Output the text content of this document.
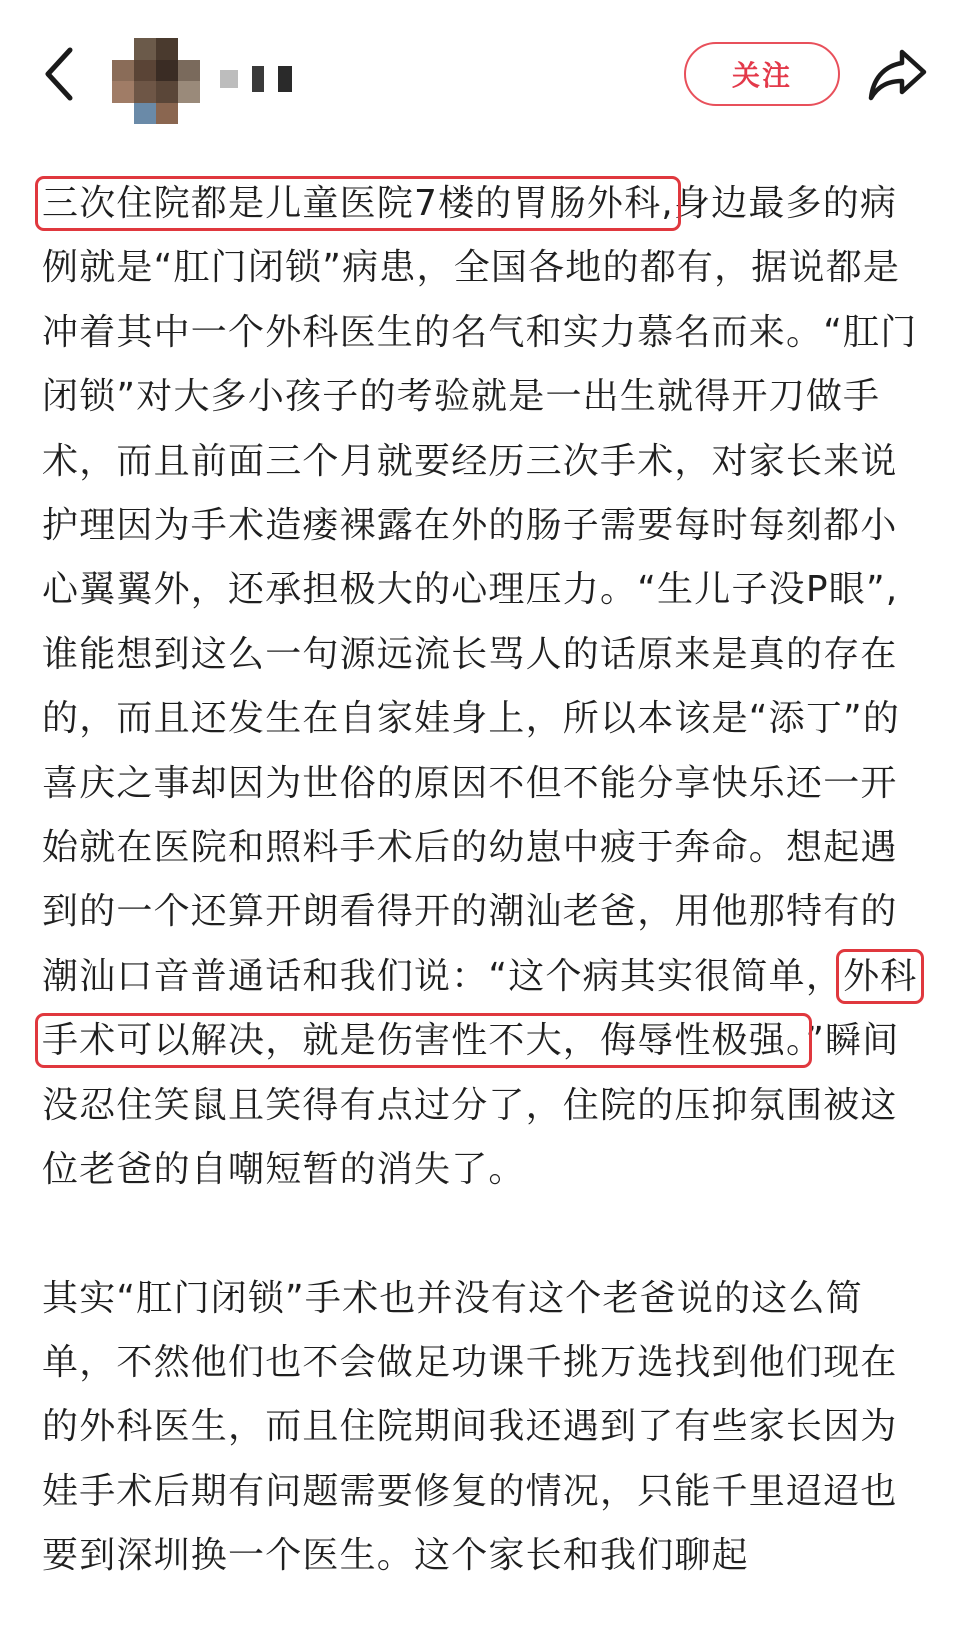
关注

三次住院都是儿童医院7楼的胃肠外科,身边最多的病例就是“肛门闭锁”病患，全国各地的都有，据说都是冲着其中一个外科医生的名气和实力慕名而来。“肛门闭锁”对大多小孩子的考验就是一出生就得开刀做手术，而且前面三个月就要经历三次手术，对家长来说护理因为手术造瘘裸露在外的肠子需要每时每刻都小心翼翼外，还承担极大的心理压力。“生儿子没P眼”,谁能想到这么一句源远流长骂人的话原来是真的存在的，而且还发生在自家娃身上，所以本该是“添丁”的喜庆之事却因为世俗的原因不但不能分享快乐还一开始就在医院和照料手术后的幼崽中疲于奔命。想起遇到的一个还算开朗看得开的潮汕老爸，用他那特有的潮汕口音普通话和我们说：“这个病其实很简单，外科手术可以解决，就是伤害性不大，侮辱性极强。”瞬间没忍住笑鼠且笑得有点过分了，住院的压抑氛围被这位老爸的自嘲短暂的消失了。

其实“肛门闭锁”手术也并没有这个老爸说的这么简单，不然他们也不会做足功课千挑万选找到他们现在的外科医生，而且住院期间我还遇到了有些家长因为娃手术后期有问题需要修复的情况，只能千里迢迢也要到深圳换一个医生。这个家长和我们聊起
